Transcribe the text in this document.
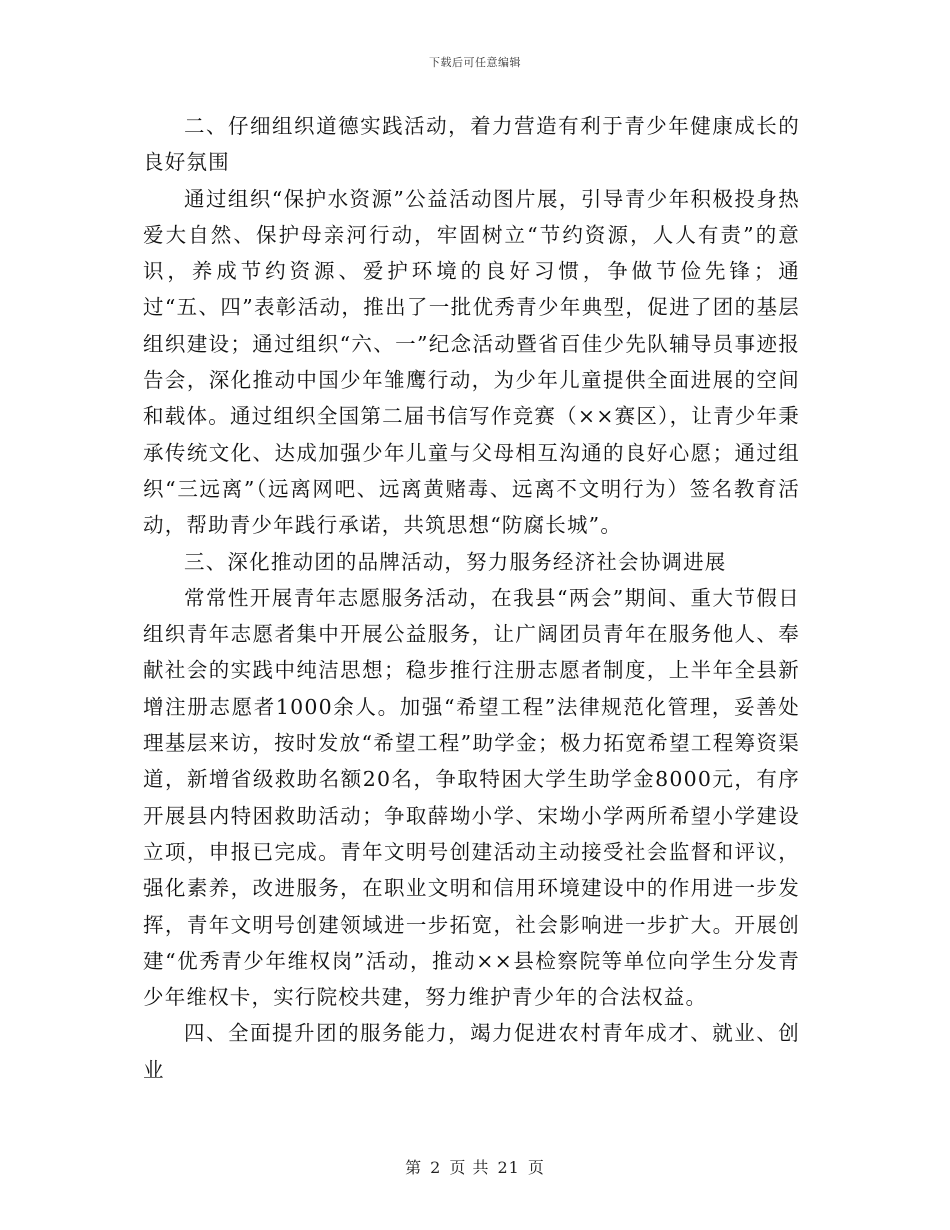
下载后可任意编辑

二、仔细组织道德实践活动，着力营造有利于青少年健康成长的良好氛围

通过组织“保护水资源”公益活动图片展，引导青少年积极投身热爱大自然、保护母亲河行动，牢固树立“节约资源，人人有责”的意识，养成节约资源、爱护环境的良好习惯，争做节俭先锋；通过“五、四”表彰活动，推出了一批优秀青少年典型，促进了团的基层组织建设；通过组织“六、一”纪念活动暨省百佳少先队辅导员事迹报告会，深化推动中国少年雏鹰行动，为少年儿童提供全面进展的空间和载体。通过组织全国第二届书信写作竞赛（××赛区），让青少年秉承传统文化、达成加强少年儿童与父母相互沟通的良好心愿；通过组织“三远离”（远离网吧、远离黄赌毒、远离不文明行为）签名教育活动，帮助青少年践行承诺，共筑思想“防腐长城”。

三、深化推动团的品牌活动，努力服务经济社会协调进展

常常性开展青年志愿服务活动，在我县“两会”期间、重大节假日组织青年志愿者集中开展公益服务，让广阔团员青年在服务他人、奉献社会的实践中纯洁思想；稳步推行注册志愿者制度，上半年全县新增注册志愿者1000余人。加强“希望工程”法律规范化管理，妥善处理基层来访，按时发放“希望工程”助学金；极力拓宽希望工程筹资渠道，新增省级救助名额20名，争取特困大学生助学金8000元，有序开展县内特困救助活动；争取薛坳小学、宋坳小学两所希望小学建设立项，申报已完成。青年文明号创建活动主动接受社会监督和评议，强化素养，改进服务，在职业文明和信用环境建设中的作用进一步发挥，青年文明号创建领域进一步拓宽，社会影响进一步扩大。开展创建“优秀青少年维权岗”活动，推动××县检察院等单位向学生分发青少年维权卡，实行院校共建，努力维护青少年的合法权益。

四、全面提升团的服务能力，竭力促进农村青年成才、就业、创业

第 2 页 共 21 页
